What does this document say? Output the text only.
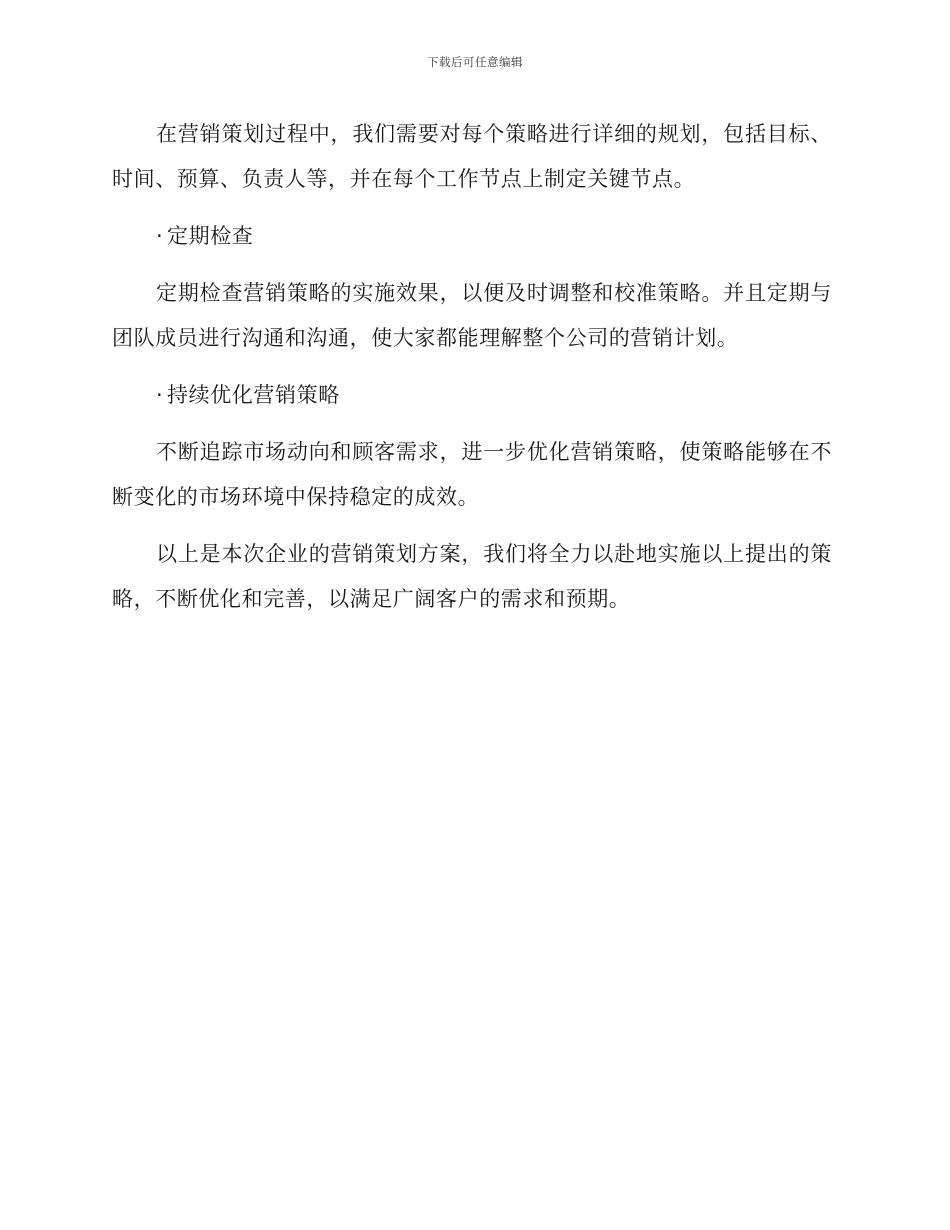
下载后可任意编辑

在营销策划过程中，我们需要对每个策略进行详细的规划，包括目标、时间、预算、负责人等，并在每个工作节点上制定关键节点。

· 定期检查

定期检查营销策略的实施效果，以便及时调整和校准策略。并且定期与团队成员进行沟通和沟通，使大家都能理解整个公司的营销计划。

· 持续优化营销策略

不断追踪市场动向和顾客需求，进一步优化营销策略，使策略能够在不断变化的市场环境中保持稳定的成效。

以上是本次企业的营销策划方案，我们将全力以赴地实施以上提出的策略，不断优化和完善，以满足广阔客户的需求和预期。
